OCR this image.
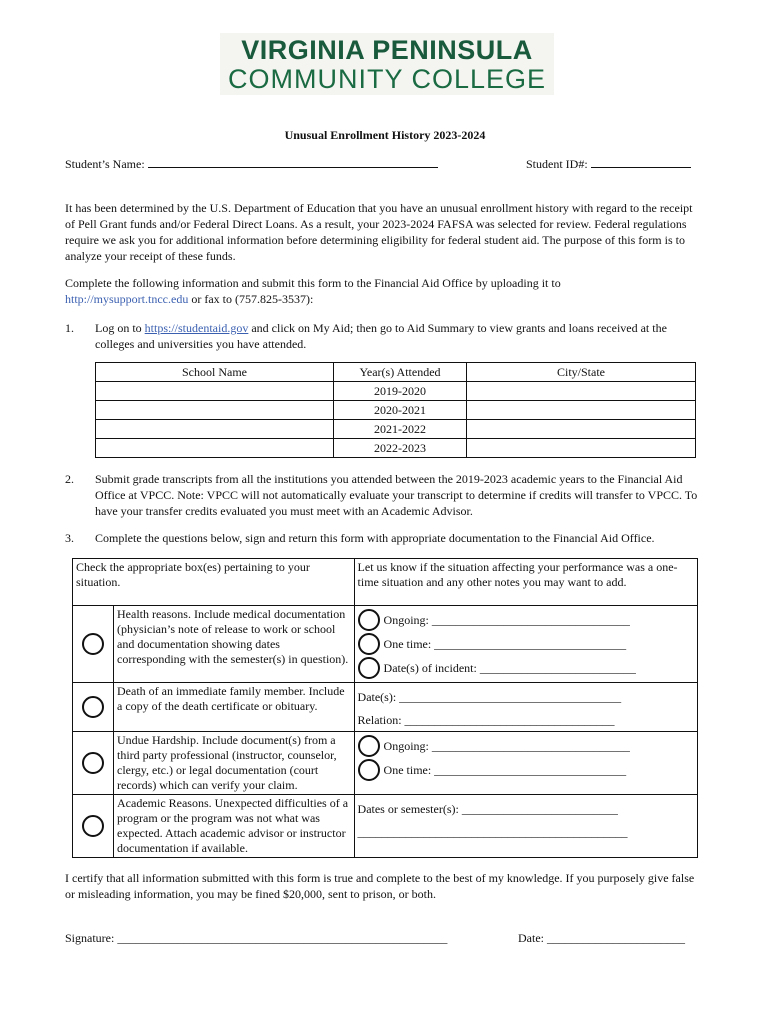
VIRGINIA PENINSULA
COMMUNITY COLLEGE
Unusual Enrollment History 2023-2024
Student’s Name:	Student ID#:
It has been determined by the U.S. Department of Education that you have an unusual enrollment history with regard to the receipt of Pell Grant funds and/or Federal Direct Loans. As a result, your 2023-2024 FAFSA was selected for review. Federal regulations require we ask you for additional information before determining eligibility for federal student aid. The purpose of this form is to analyze your receipt of these funds.
Complete the following information and submit this form to the Financial Aid Office by uploading it to
http://mysupport.tncc.edu or fax to (757.825-3537):
1. Log on to https://studentaid.gov and click on My Aid; then go to Aid Summary to view grants and loans received at the colleges and universities you have attended.
School Name	Year(s) Attended	City/State
	2019-2020	
	2020-2021	
	2021-2022	
	2022-2023	
2. Submit grade transcripts from all the institutions you attended between the 2019-2023 academic years to the Financial Aid Office at VPCC. Note: VPCC will not automatically evaluate your transcript to determine if credits will transfer to VPCC. To have your transfer credits evaluated you must meet with an Academic Advisor.
3. Complete the questions below, sign and return this form with appropriate documentation to the Financial Aid Office.
Check the appropriate box(es) pertaining to your situation.		Let us know if the situation affecting your performance was a one-time situation and any other notes you may want to add.
	Health reasons. Include medical documentation (physician’s note of release to work or school and documentation showing dates corresponding with the semester(s) in question).	Ongoing: _________________________________
One time: ________________________________
Date(s) of incident: __________________________

	Death of an immediate family member. Include a copy of the death certificate or obituary.	Date(s): _____________________________________
Relation: ___________________________________

	Undue Hardship. Include document(s) from a third party professional (instructor, counselor, clergy, etc.) or legal documentation (court records) which can verify your claim.	Ongoing: _________________________________
One time: ________________________________

	Academic Reasons. Unexpected difficulties of a program or the program was not what was expected. Attach academic advisor or instructor documentation if available.	Dates or semester(s): __________________________
_____________________________________________
I certify that all information submitted with this form is true and complete to the best of my knowledge. If you purposely give false or misleading information, you may be fined $20,000, sent to prison, or both.
Signature: _______________________________________________________	Date: _______________________
